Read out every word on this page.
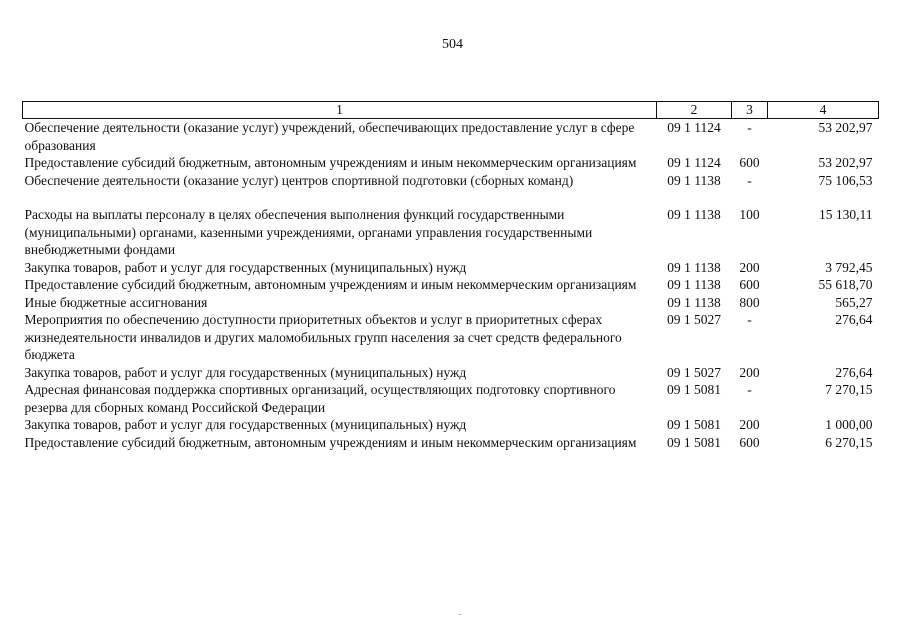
504
1	2	3	4
Обеспечение деятельности (оказание услуг) учреждений, обеспечивающих предоставление услуг в сфере образования	09 1 1124	-	53 202,97
Предоставление субсидий бюджетным, автономным учреждениям и иным некоммерческим организациям	09 1 1124	600	53 202,97
Обеспечение деятельности (оказание услуг) центров спортивной подготовки (сборных команд)	09 1 1138	-	75 106,53
Расходы на выплаты персоналу в целях обеспечения выполнения функций государственными (муниципальными) органами, казенными учреждениями, органами управления государственными внебюджетными фондами	09 1 1138	100	15 130,11
Закупка товаров, работ и услуг для государственных (муниципальных) нужд	09 1 1138	200	3 792,45
Предоставление субсидий бюджетным, автономным учреждениям и иным некоммерческим организациям	09 1 1138	600	55 618,70
Иные бюджетные ассигнования	09 1 1138	800	565,27
Мероприятия по обеспечению доступности приоритетных объектов и услуг в приоритетных сферах жизнедеятельности инвалидов и других маломобильных групп населения за счет средств федерального бюджета	09 1 5027	-	276,64
Закупка товаров, работ и услуг для государственных (муниципальных) нужд	09 1 5027	200	276,64
Адресная финансовая поддержка спортивных организаций, осуществляющих подготовку спортивного резерва для сборных команд Российской Федерации	09 1 5081	-	7 270,15
Закупка товаров, работ и услуг для государственных (муниципальных) нужд	09 1 5081	200	1 000,00
Предоставление субсидий бюджетным, автономным учреждениям и иным некоммерческим организациям	09 1 5081	600	6 270,15
